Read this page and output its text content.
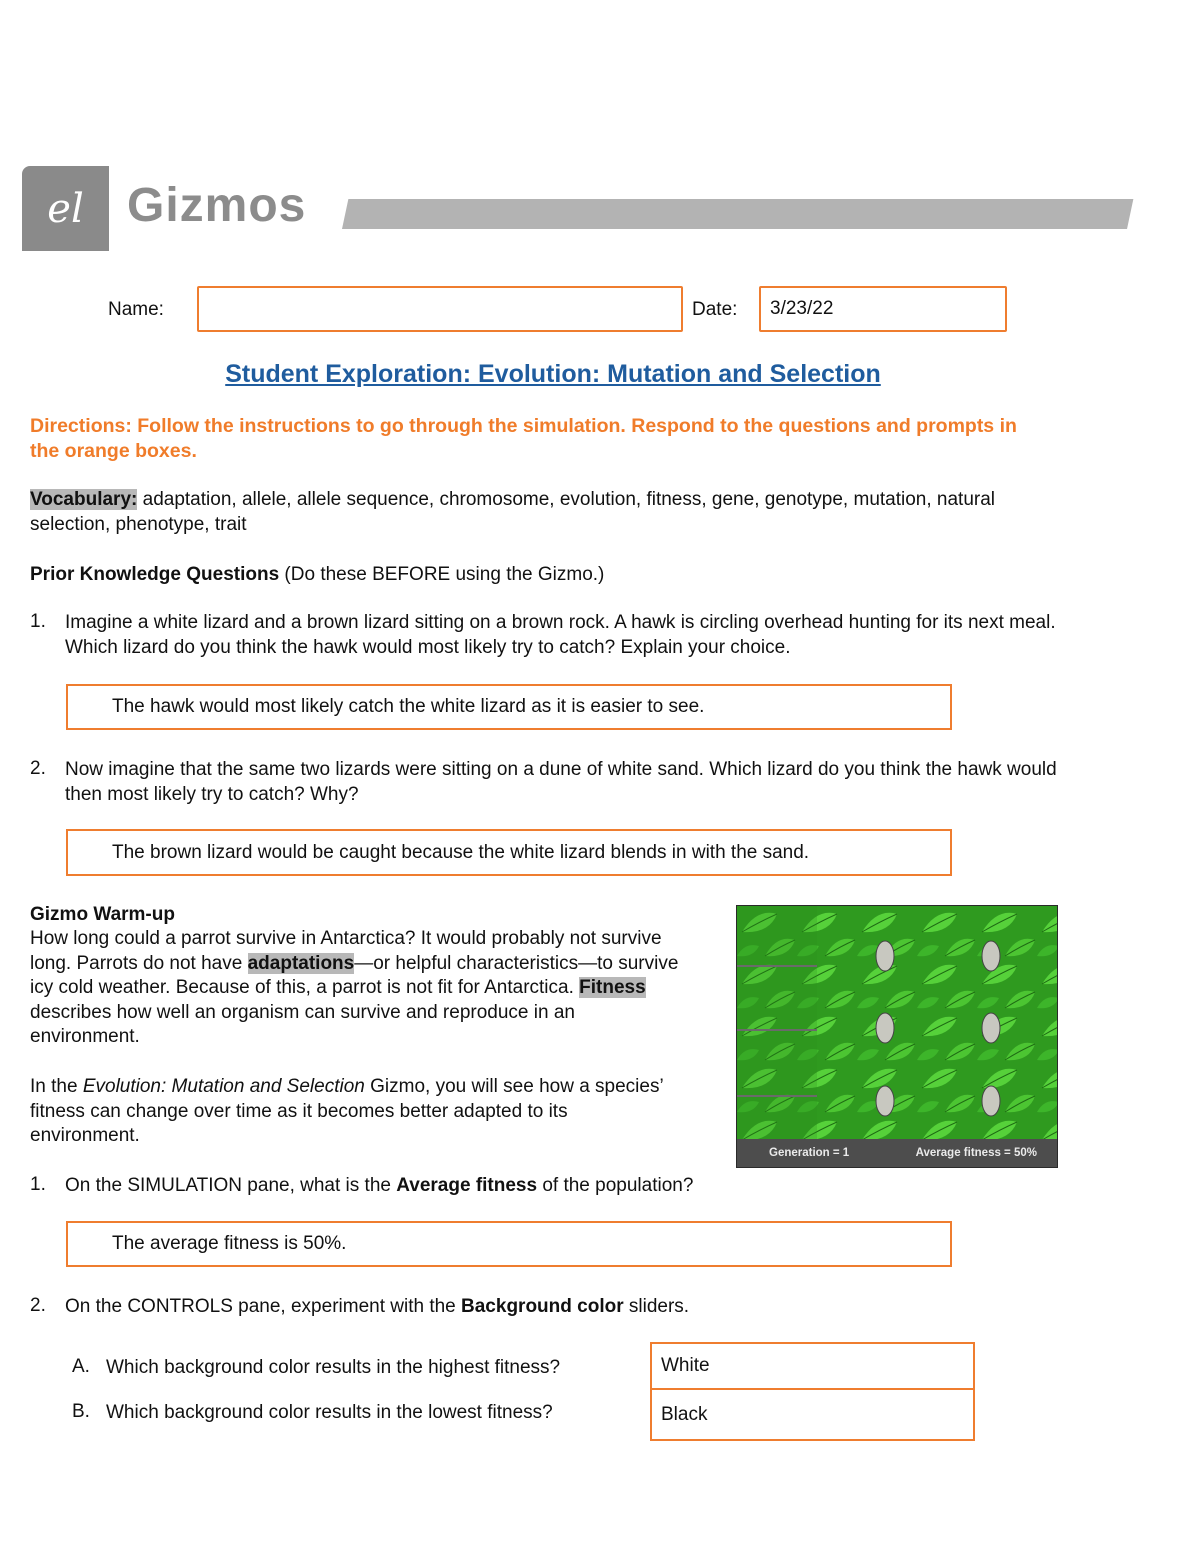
el Gizmos
Name:	Date:	3/23/22
Student Exploration: Evolution: Mutation and Selection
Directions: Follow the instructions to go through the simulation. Respond to the questions and prompts in the orange boxes.
Vocabulary: adaptation, allele, allele sequence, chromosome, evolution, fitness, gene, genotype, mutation, natural selection, phenotype, trait
Prior Knowledge Questions (Do these BEFORE using the Gizmo.)
1. Imagine a white lizard and a brown lizard sitting on a brown rock. A hawk is circling overhead hunting for its next meal. Which lizard do you think the hawk would most likely try to catch? Explain your choice.
The hawk would most likely catch the white lizard as it is easier to see.
2. Now imagine that the same two lizards were sitting on a dune of white sand. Which lizard do you think the hawk would then most likely try to catch? Why?
The brown lizard would be caught because the white lizard blends in with the sand.
Gizmo Warm-up
How long could a parrot survive in Antarctica? It would probably not survive long. Parrots do not have adaptations—or helpful characteristics—to survive icy cold weather. Because of this, a parrot is not fit for Antarctica. Fitness describes how well an organism can survive and reproduce in an environment.
In the Evolution: Mutation and Selection Gizmo, you will see how a species’ fitness can change over time as it becomes better adapted to its environment.
Generation = 1	Average fitness = 50%
1. On the SIMULATION pane, what is the Average fitness of the population?
The average fitness is 50%.
2. On the CONTROLS pane, experiment with the Background color sliders.
A. Which background color results in the highest fitness?	White
B. Which background color results in the lowest fitness?	Black
